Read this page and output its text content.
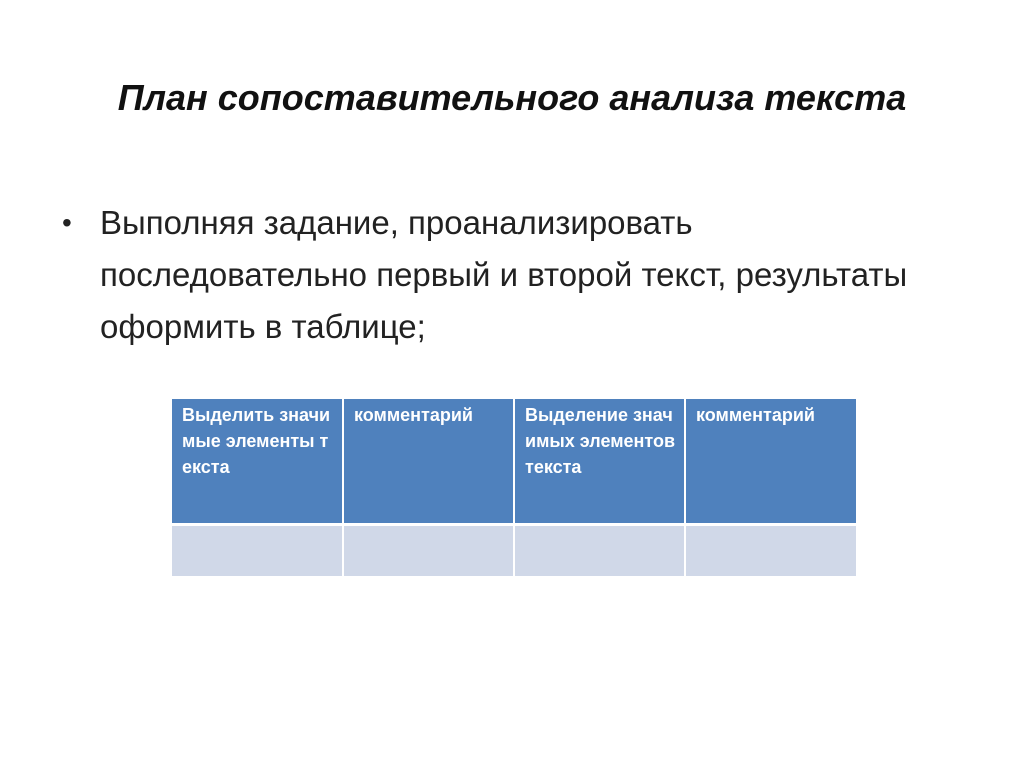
План сопоставительного анализа текста
• Выполняя задание, проанализировать последовательно первый и второй текст, результаты оформить в таблице;
Выделить значимые элементы текста	комментарий	Выделение значимых элементов текста	комментарий
